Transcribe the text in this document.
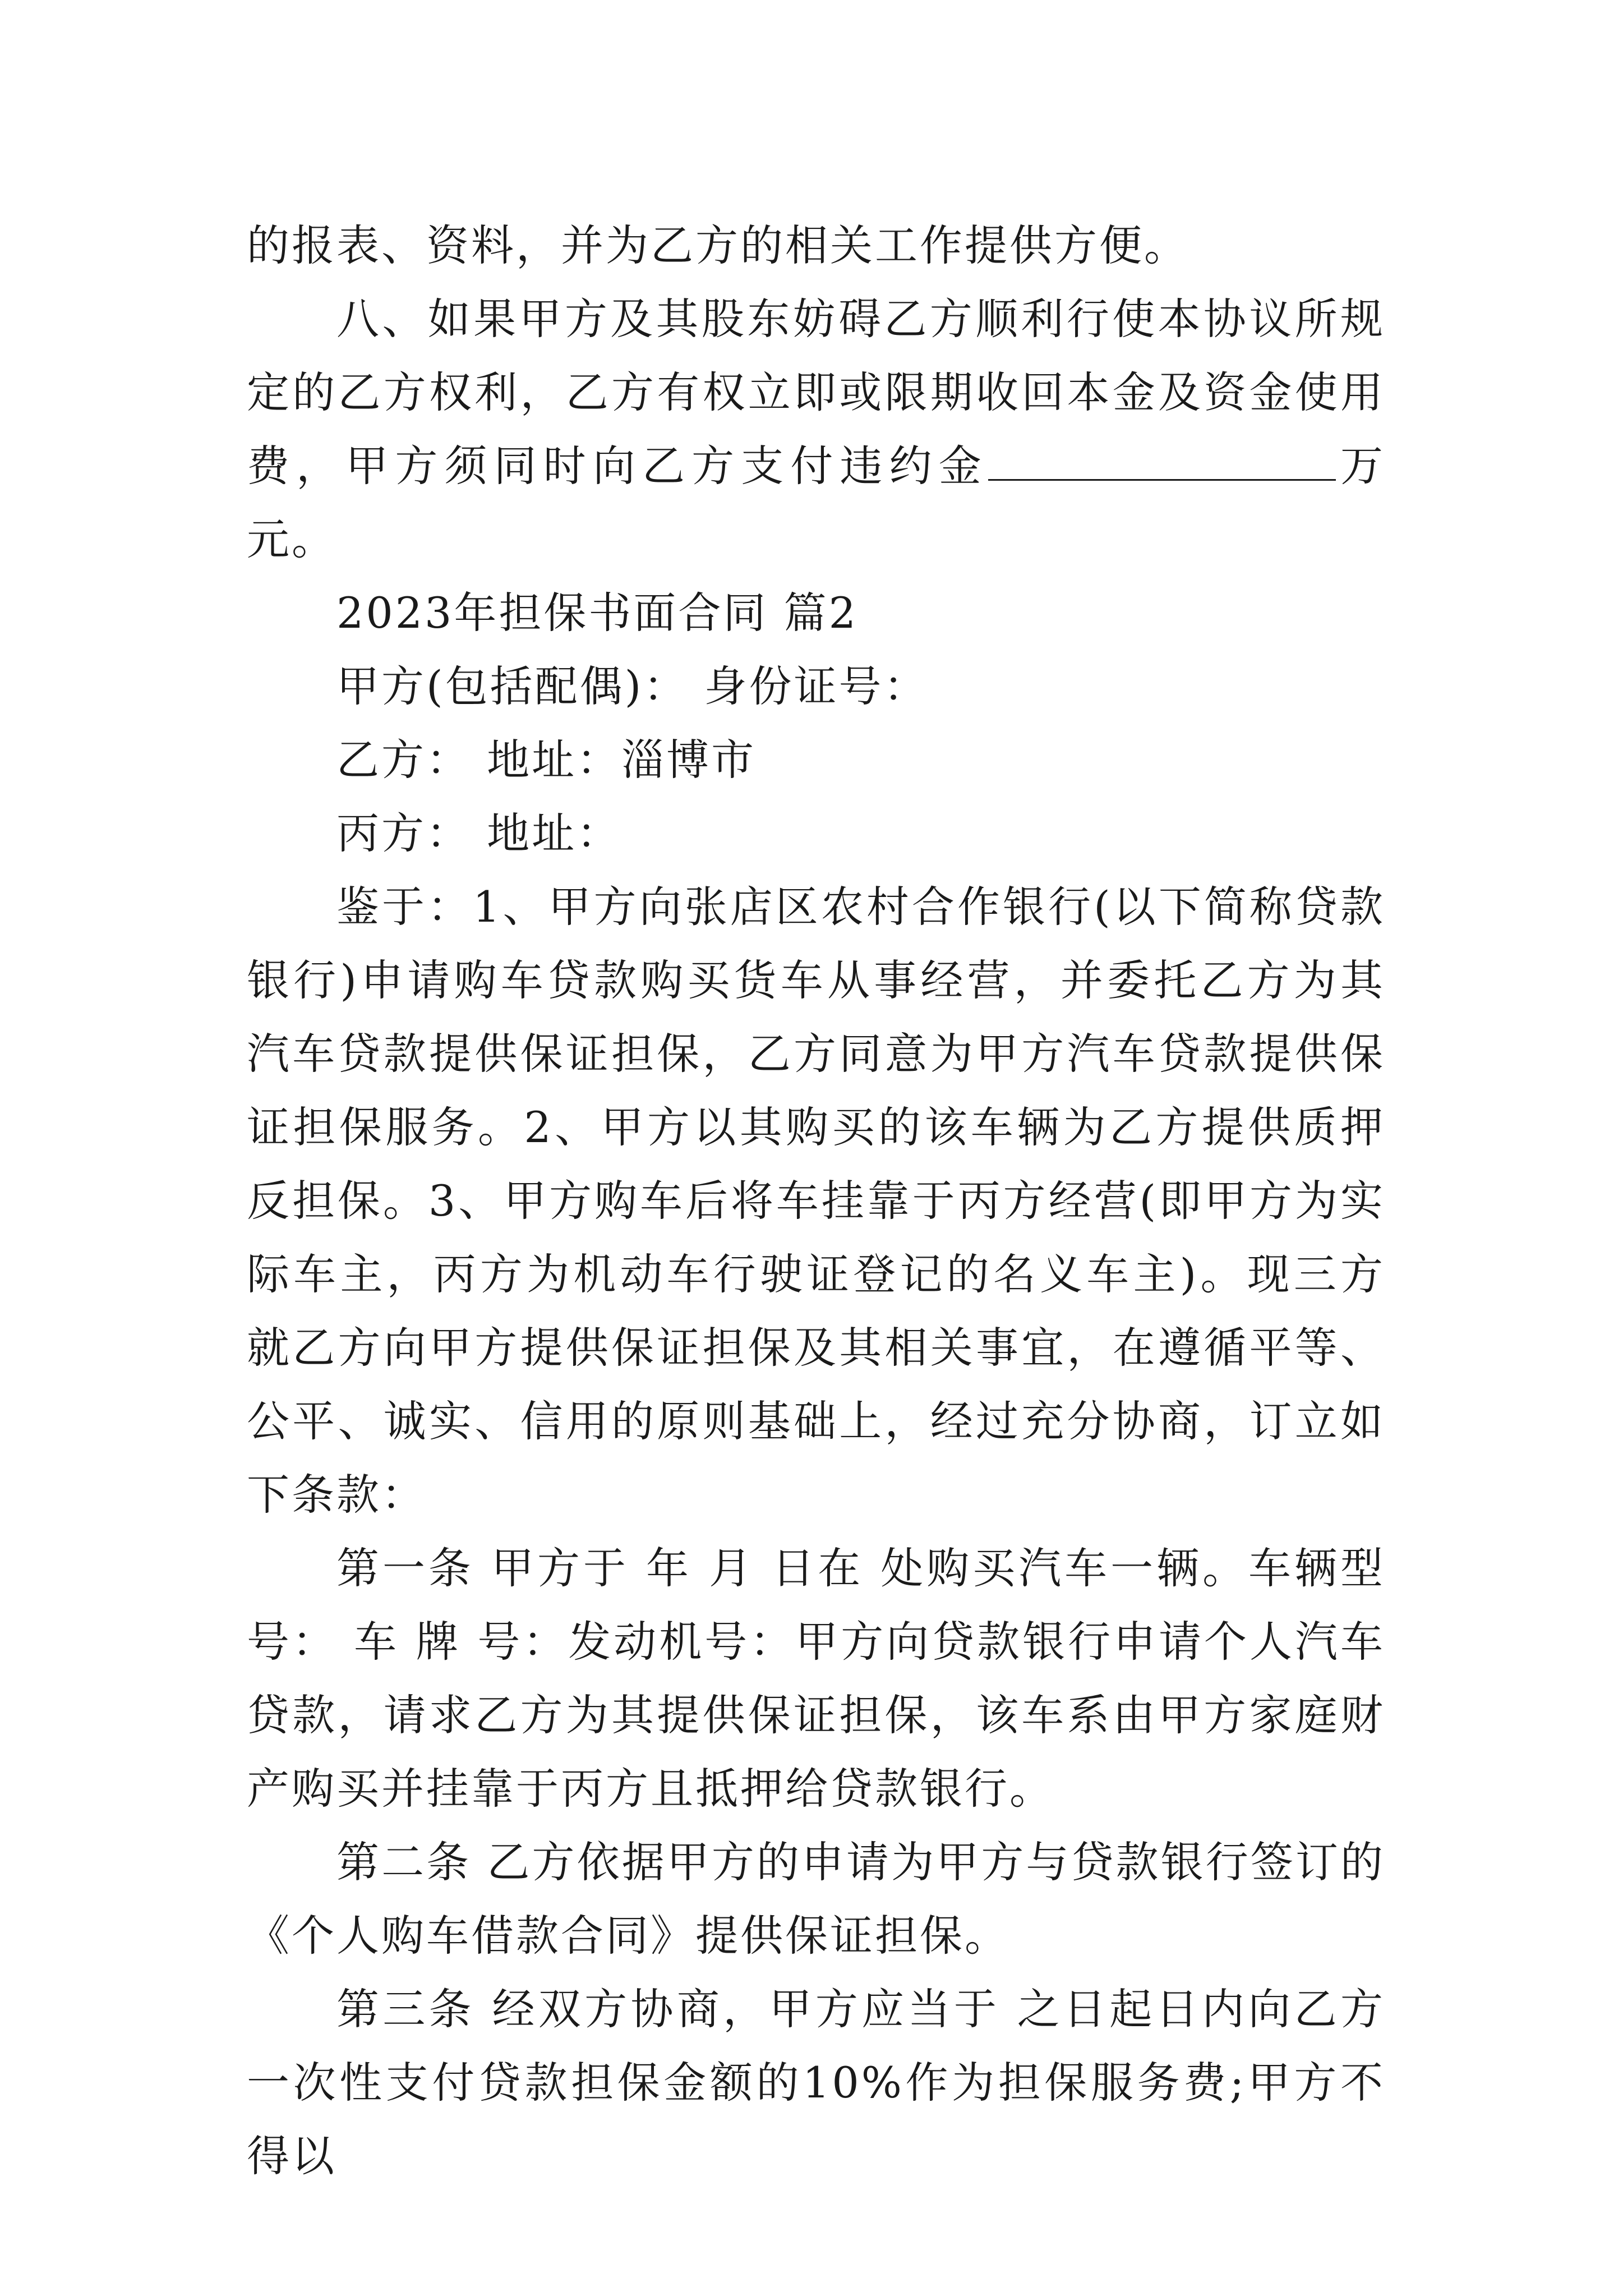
的报表、资料，并为乙方的相关工作提供方便。

八、如果甲方及其股东妨碍乙方顺利行使本协议所规定的乙方权利，乙方有权立即或限期收回本金及资金使用费，甲方须同时向乙方支付违约金	万元。

2023年担保书面合同 篇2

甲方(包括配偶)： 身份证号：

乙方： 地址：淄博市

丙方： 地址：

鉴于：1、甲方向张店区农村合作银行(以下简称贷款银行)申请购车贷款购买货车从事经营，并委托乙方为其汽车贷款提供保证担保，乙方同意为甲方汽车贷款提供保证担保服务。2、甲方以其购买的该车辆为乙方提供质押反担保。3、甲方购车后将车挂靠于丙方经营(即甲方为实际车主，丙方为机动车行驶证登记的名义车主)。现三方就乙方向甲方提供保证担保及其相关事宜，在遵循平等、公平、诚实、信用的原则基础上，经过充分协商，订立如下条款：

第一条 甲方于 年 月 日在 处购买汽车一辆。车辆型号： 车 牌 号：发动机号：甲方向贷款银行申请个人汽车贷款，请求乙方为其提供保证担保，该车系由甲方家庭财产购买并挂靠于丙方且抵押给贷款银行。

第二条 乙方依据甲方的申请为甲方与贷款银行签订的《个人购车借款合同》提供保证担保。

第三条 经双方协商，甲方应当于 之日起日内向乙方一次性支付贷款担保金额的10%作为担保服务费;甲方不得以
